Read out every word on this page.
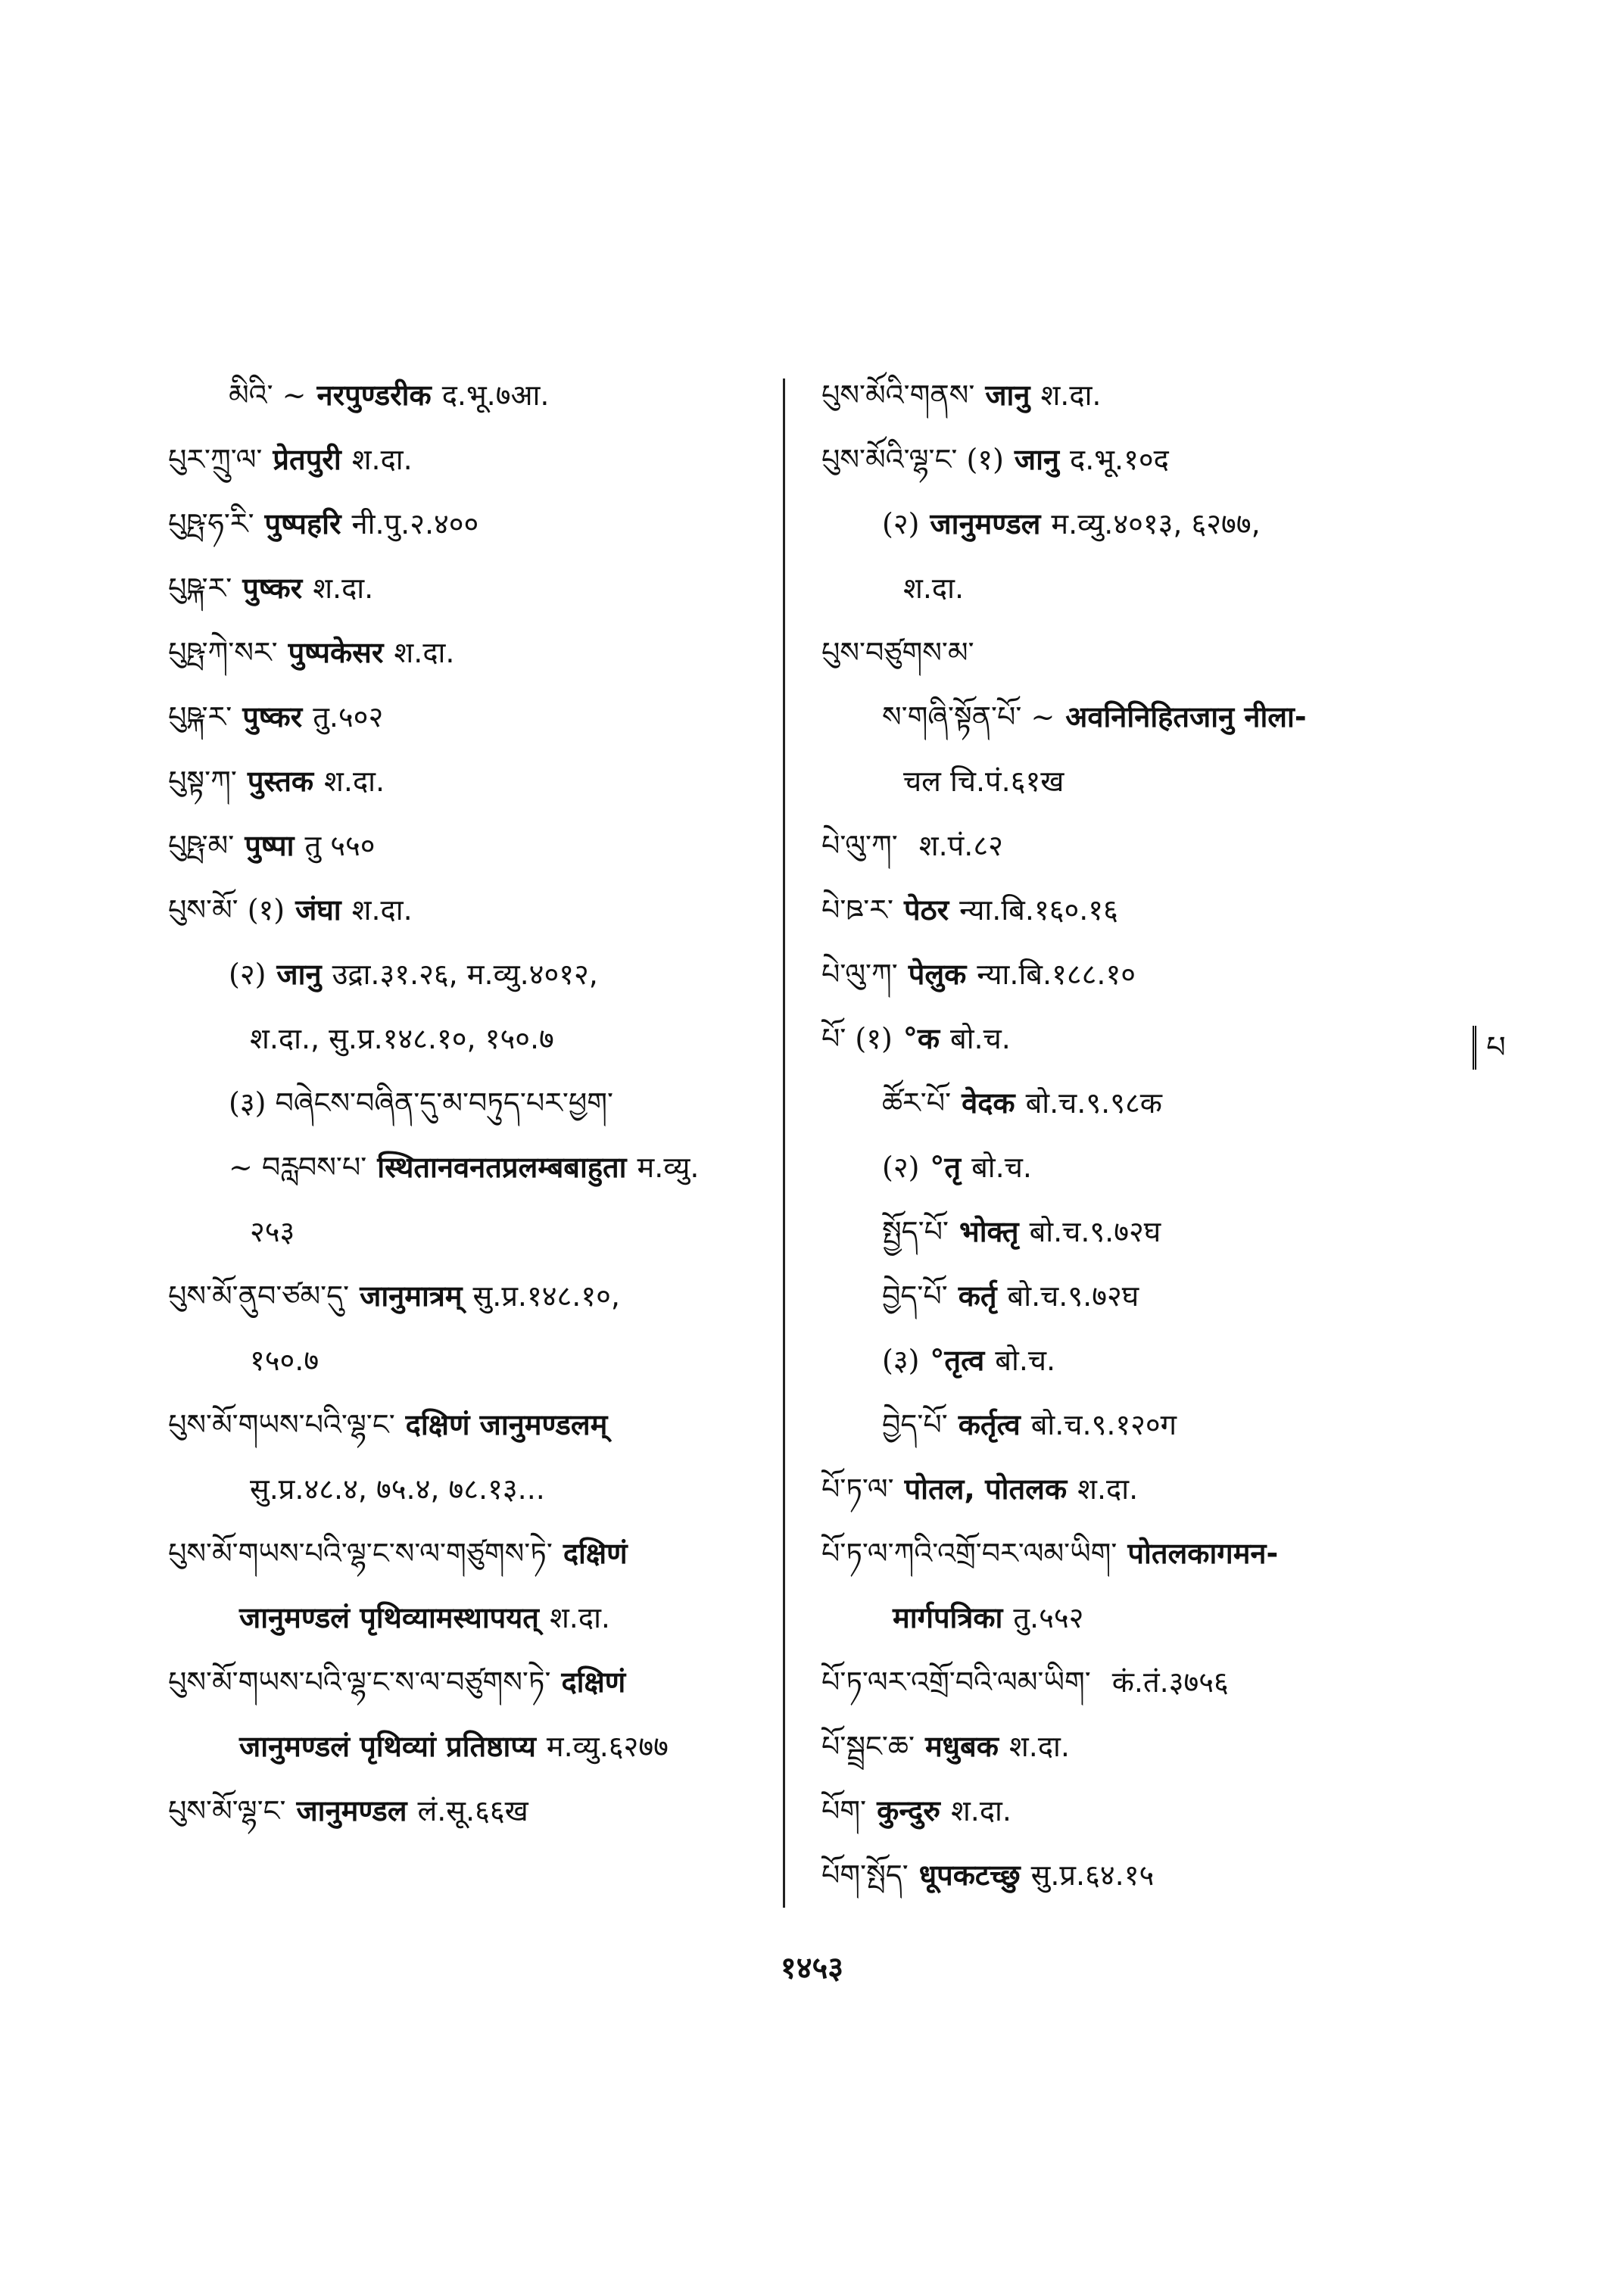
མིའི་ ~ नरपुण्डरीक द.भू.७आ.
པུར་ཀྲུ་ལ་ प्रेतपुरी श.दा.
པུཥྤ་ཧ་རི་ पुष्पहरि नी.पु.२.४००
པུཥྐ་ར་ पुष्कर श.दा.
པུཥྤ་ཀེ་སར་ पुष्पकेसर श.दा.
པུཥྐ་ར་ पुष्कर तु.५०२
པུསྟ་ཀ་ पुस्तक श.दा.
པུཥྤ་མ་ पुष्पा तु ५५०
པུས་མོ་ (१) जंघा श.दा.
(२) जानु उद्रा.३१.२६, म.व्यु.४०१२,
श.दा., सु.प्र.१४८.१०, १५०.७
(३) བཞེངས་བཞིན་དུ་མ་བཏུད་པར་ཕྱག་
~ བརླབས་པ་ स्थितानवनतप्रलम्बबाहुता म.व्यु.
२५३
པུས་མོ་ནུབ་ཙམ་དུ་ जानुमात्रम् सु.प्र.१४८.१०,
१५०.७
པུས་མོ་གཡས་པའི་ལྷ་ང་ दक्षिणं जानुमण्डलम्
सु.प्र.४८.४, ७५.४, ७८.१३...
པུས་མོ་གཡས་པའི་ལྷ་ང་ས་ལ་གཙུགས་ཏེ་ दक्षिणं
जानुमण्डलं पृथिव्यामस्थापयत् श.दा.
པུས་མོ་གཡས་པའི་ལྷ་ང་ས་ལ་བཙུགས་ཏེ་ दक्षिणं
जानुमण्डलं पृथिव्यां प्रतिष्ठाप्य म.व्यु.६२७७
པུས་མོ་ལྷ་ང་ जानुमण्डल लं.सू.६६ख
པུས་མོའི་གནས་ जानु श.दा.
པུས་མོའི་ལྷ་ང་ (१) जानु द.भू.१०द
(२) जानुमण्डल म.व्यु.४०१३, ६२७७,
श.दा.
པུས་བཙུགས་མ་
ས་གཞི་སྟོན་པོ་ ~ अवनिनिहितजानु नीला-
चल चि.पं.६१ख
པེ་ལུ་ཀ་ श.पं.८२
པེ་ཋ་ར་ पेठर न्या.बि.१६०.१६
པེ་ལུ་ཀ་ पेलुक न्या.बि.१८८.१०
པོ་ (१) °क बो.च.
ཚོར་པོ་ वेदक बो.च.९.९८क
(२) °तृ बो.च.
སྤྱོད་པོ་ भोक्तृ बो.च.९.७२घ
བྱེད་པོ་ कर्तृ बो.च.९.७२घ
(३) °तृत्व बो.च.
བྱེད་པོ་ कर्तृत्व बो.च.९.१२०ग
པོ་ཏ་ལ་ पोतल, पोतलक श.दा.
པོ་ཏ་ལ་ཀའི་འགྲོ་བར་ལམ་ཡིག་ पोतलकागमन-
मार्गपत्रिका तु.५५२
པོ་ཏ་ལར་འགྲོ་བའི་ལམ་ཡིག་ कं.तं.३७५६
པོ་སྦྲང་ཆ་ मधुबक श.दा.
པོག་ कुन्दुरु श.दा.
པོག་སྤོད་ धूपकटच्छु सु.प्र.६४.१५
པ
१४५३
